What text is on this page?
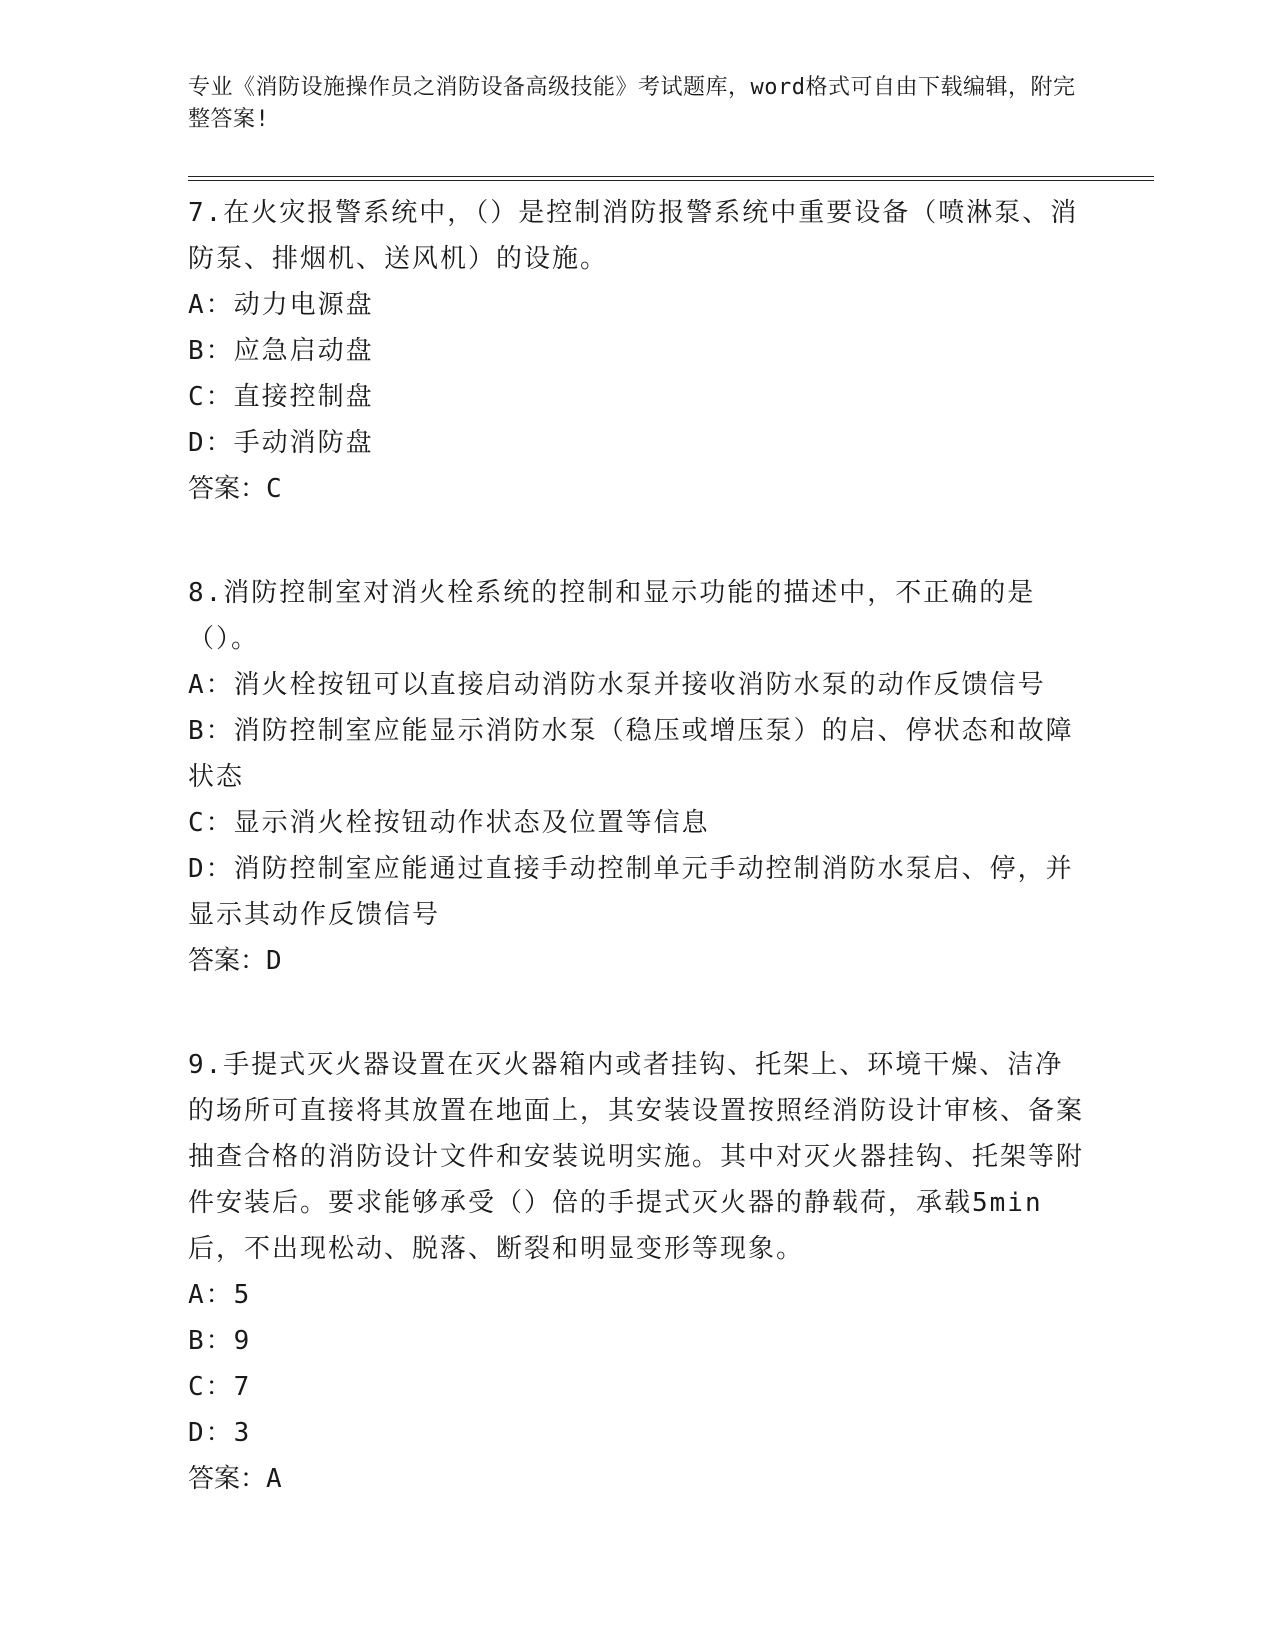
专业《消防设施操作员之消防设备高级技能》考试题库，word格式可自由下载编辑，附完整答案!

7.在火灾报警系统中，（）是控制消防报警系统中重要设备（喷淋泵、消防泵、排烟机、送风机）的设施。

A：动力电源盘

B：应急启动盘

C：直接控制盘

D：手动消防盘

答案：C

8.消防控制室对消火栓系统的控制和显示功能的描述中，不正确的是（）。

A：消火栓按钮可以直接启动消防水泵并接收消防水泵的动作反馈信号

B：消防控制室应能显示消防水泵（稳压或增压泵）的启、停状态和故障状态

C：显示消火栓按钮动作状态及位置等信息

D：消防控制室应能通过直接手动控制单元手动控制消防水泵启、停，并显示其动作反馈信号

答案：D

9.手提式灭火器设置在灭火器箱内或者挂钩、托架上、环境干燥、洁净的场所可直接将其放置在地面上，其安装设置按照经消防设计审核、备案抽查合格的消防设计文件和安装说明实施。其中对灭火器挂钩、托架等附件安装后。要求能够承受（）倍的手提式灭火器的静载荷，承载5min后，不出现松动、脱落、断裂和明显变形等现象。

A：5

B：9

C：7

D：3

答案：A
